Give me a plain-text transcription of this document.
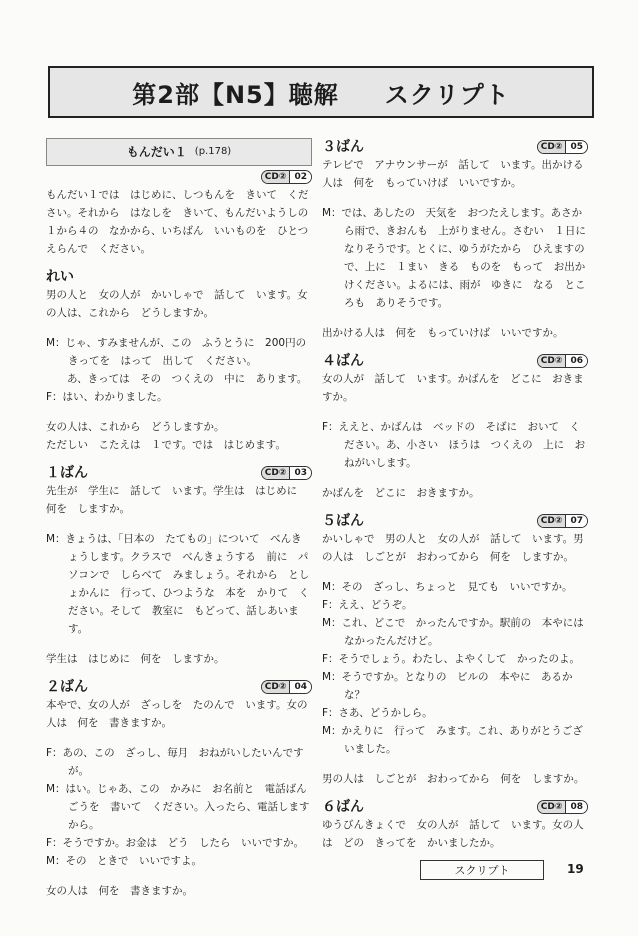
第2部【N5】聴解 スクリプト
もんだい１ (p.178)
CD② 02

もんだい１では　はじめに、しつもんを　きいて　ください。それから　はなしを　きいて、もんだいようしの　１から４の　なかから、いちばん　いいものを　ひとつ　えらんで　ください。

れい

男の人と　女の人が　かいしゃで　話して　います。女の人は、これから　どうしますか。

M：じゃ、すみませんが、この　ふうとうに　200円のきってを　はって　出して　ください。

　　あ、きっては　その　つくえの　中に　あります。

F：はい、わかりました。

女の人は、これから　どうしますか。

ただしい　こたえは　１です。では　はじめます。

１ばん	CD② 03

先生が　学生に　話して　います。学生は　はじめに　何を　しますか。

M：きょうは、「日本の　たてもの」について　べんきょうします。クラスで　べんきょうする　前に　パソコンで　しらべて　みましょう。それから　としょかんに　行って、ひつような　本を　かりて　ください。そして　教室に　もどって、話しあいます。

学生は　はじめに　何を　しますか。

２ばん	CD② 04

本やで、女の人が　ざっしを　たのんで　います。女の人は　何を　書きますか。

F：あの、この　ざっし、毎月　おねがいしたいんですが。

M：はい。じゃあ、この　かみに　お名前と　電話ばんごうを　書いて　ください。入ったら、電話しますから。

F：そうですか。お金は　どう　したら　いいですか。

M：その　ときで　いいですよ。

女の人は　何を　書きますか。

３ばん	CD② 05

テレビで　アナウンサーが　話して　います。出かける人は　何を　もっていけば　いいですか。

M：では、あしたの　天気を　おつたえします。あさから雨で、きおんも　上がりません。さむい　１日に　なりそうです。とくに、ゆうがたから　ひえますので、上に　１まい　きる　ものを　もって　お出かけください。よるには、雨が　ゆきに　なる　ところも　ありそうです。

出かける人は　何を　もっていけば　いいですか。

４ばん	CD② 06

女の人が　話して　います。かばんを　どこに　おきますか。

F：ええと、かばんは　ベッドの　そばに　おいて　ください。あ、小さい　ほうは　つくえの　上に　おねがいします。

かばんを　どこに　おきますか。

５ばん	CD② 07

かいしゃで　男の人と　女の人が　話して　います。男の人は　しごとが　おわってから　何を　しますか。

M：その　ざっし、ちょっと　見ても　いいですか。

F：ええ、どうぞ。

M：これ、どこで　かったんですか。駅前の　本やには　なかったんだけど。

F：そうでしょう。わたし、よやくして　かったのよ。

M：そうですか。となりの　ビルの　本やに　あるかな？

F：さあ、どうかしら。

M：かえりに　行って　みます。これ、ありがとうございました。

男の人は　しごとが　おわってから　何を　しますか。

６ばん	CD② 08

ゆうびんきょくで　女の人が　話して　います。女の人は　どの　きってを　かいましたか。

スクリプト	19
